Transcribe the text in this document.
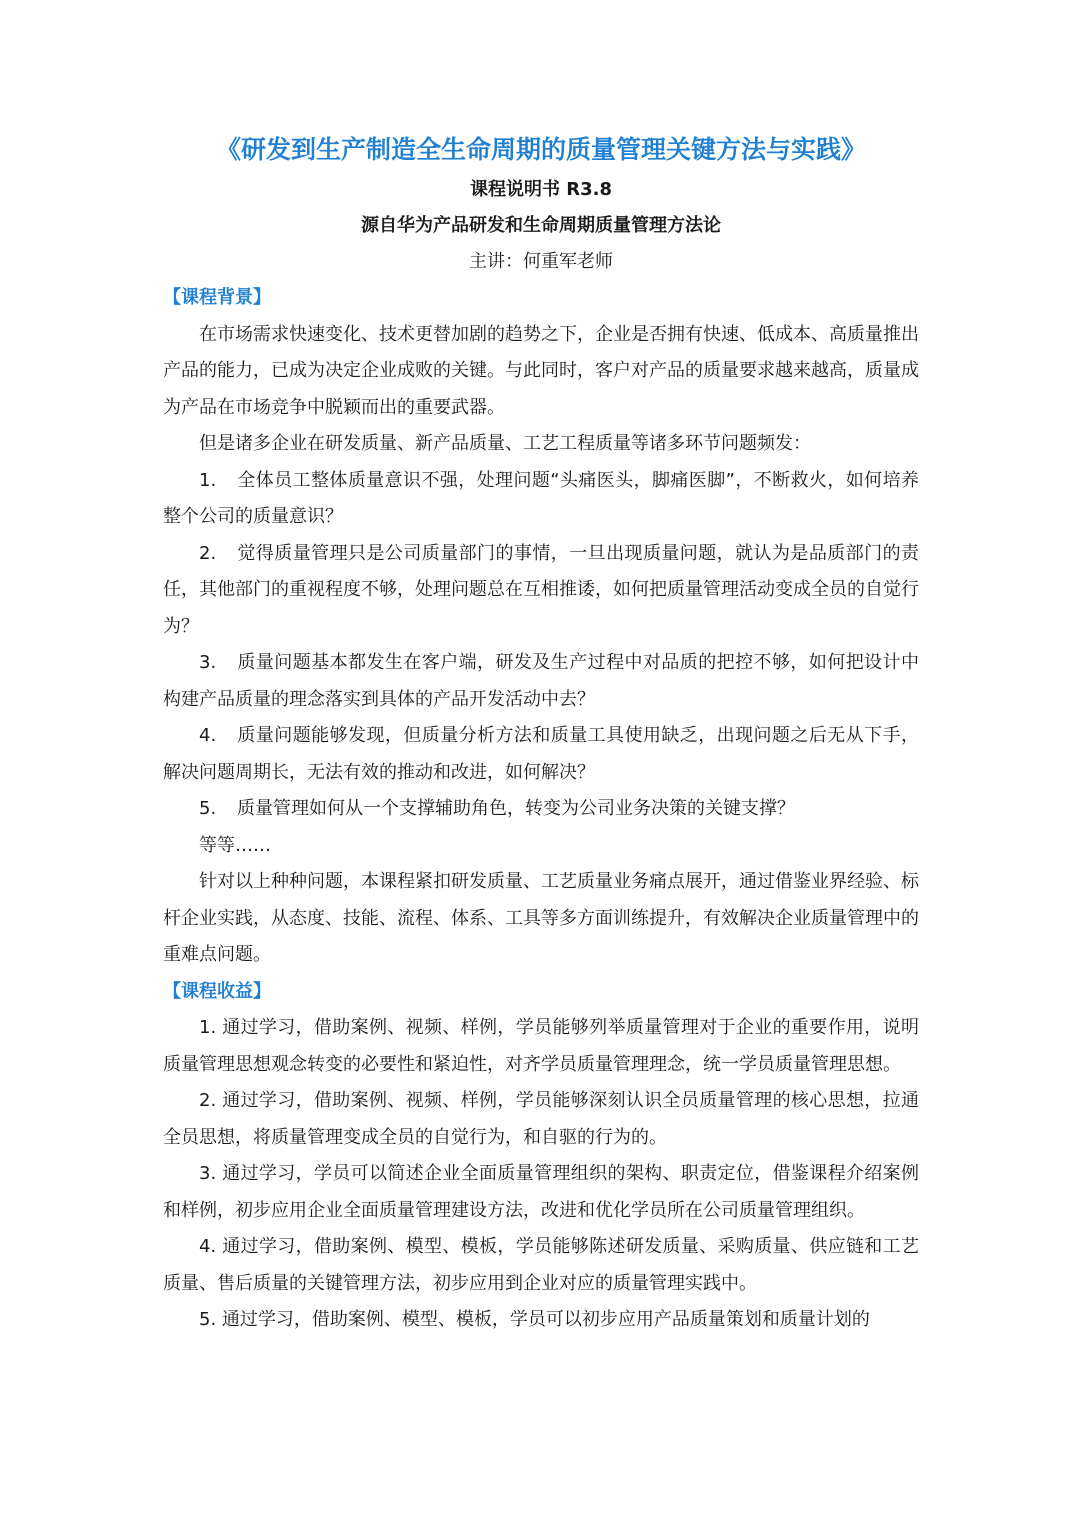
《研发到生产制造全生命周期的质量管理关键方法与实践》

课程说明书 R3.8

源自华为产品研发和生命周期质量管理方法论

主讲：何重军老师

【课程背景】

在市场需求快速变化、技术更替加剧的趋势之下，企业是否拥有快速、低成本、高质量推出产品的能力，已成为决定企业成败的关键。与此同时，客户对产品的质量要求越来越高，质量成为产品在市场竞争中脱颖而出的重要武器。

但是诸多企业在研发质量、新产品质量、工艺工程质量等诸多环节问题频发：

1. 全体员工整体质量意识不强，处理问题“头痛医头，脚痛医脚”，不断救火，如何培养整个公司的质量意识？

2. 觉得质量管理只是公司质量部门的事情，一旦出现质量问题，就认为是品质部门的责任，其他部门的重视程度不够，处理问题总在互相推诿，如何把质量管理活动变成全员的自觉行为？

3. 质量问题基本都发生在客户端，研发及生产过程中对品质的把控不够，如何把设计中构建产品质量的理念落实到具体的产品开发活动中去？

4. 质量问题能够发现，但质量分析方法和质量工具使用缺乏，出现问题之后无从下手，解决问题周期长，无法有效的推动和改进，如何解决？

5. 质量管理如何从一个支撑辅助角色，转变为公司业务决策的关键支撑？

等等……

针对以上种种问题，本课程紧扣研发质量、工艺质量业务痛点展开，通过借鉴业界经验、标杆企业实践，从态度、技能、流程、体系、工具等多方面训练提升，有效解决企业质量管理中的重难点问题。

【课程收益】

1. 通过学习，借助案例、视频、样例，学员能够列举质量管理对于企业的重要作用，说明质量管理思想观念转变的必要性和紧迫性，对齐学员质量管理理念，统一学员质量管理思想。

2. 通过学习，借助案例、视频、样例，学员能够深刻认识全员质量管理的核心思想，拉通全员思想，将质量管理变成全员的自觉行为，和自驱的行为的。

3. 通过学习，学员可以简述企业全面质量管理组织的架构、职责定位，借鉴课程介绍案例和样例，初步应用企业全面质量管理建设方法，改进和优化学员所在公司质量管理组织。

4. 通过学习，借助案例、模型、模板，学员能够陈述研发质量、采购质量、供应链和工艺质量、售后质量的关键管理方法，初步应用到企业对应的质量管理实践中。

5. 通过学习，借助案例、模型、模板，学员可以初步应用产品质量策划和质量计划的
